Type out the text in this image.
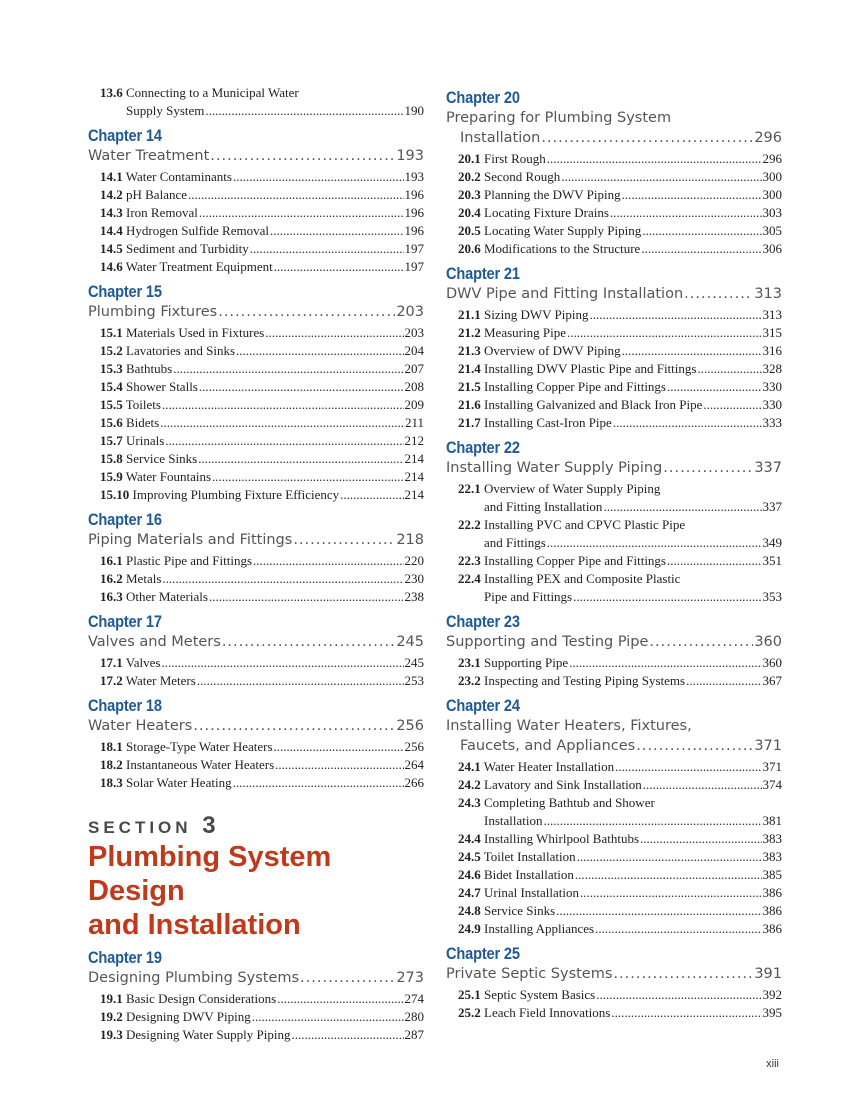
13.6 Connecting to a Municipal Water
Supply System .....	190
Chapter 14
Water Treatment .....	193
14.1 Water Contaminants .....	193
14.2 pH Balance .....	196
14.3 Iron Removal .....	196
14.4 Hydrogen Sulfide Removal .....	196
14.5 Sediment and Turbidity .....	197
14.6 Water Treatment Equipment .....	197
Chapter 15
Plumbing Fixtures .....	203
15.1 Materials Used in Fixtures .....	203
15.2 Lavatories and Sinks .....	204
15.3 Bathtubs .....	207
15.4 Shower Stalls .....	208
15.5 Toilets .....	209
15.6 Bidets .....	211
15.7 Urinals .....	212
15.8 Service Sinks .....	214
15.9 Water Fountains .....	214
15.10 Improving Plumbing Fixture Efficiency .....	214
Chapter 16
Piping Materials and Fittings .....	218
16.1 Plastic Pipe and Fittings .....	220
16.2 Metals .....	230
16.3 Other Materials .....	238
Chapter 17
Valves and Meters .....	245
17.1 Valves .....	245
17.2 Water Meters .....	253
Chapter 18
Water Heaters .....	256
18.1 Storage-Type Water Heaters .....	256
18.2 Instantaneous Water Heaters .....	264
18.3 Solar Water Heating .....	266
SECTION 3
Plumbing System Design
and Installation
Chapter 19
Designing Plumbing Systems .....	273
19.1 Basic Design Considerations .....	274
19.2 Designing DWV Piping .....	280
19.3 Designing Water Supply Piping .....	287
Chapter 20
Preparing for Plumbing System
Installation .....	296
20.1 First Rough .....	296
20.2 Second Rough .....	300
20.3 Planning the DWV Piping .....	300
20.4 Locating Fixture Drains .....	303
20.5 Locating Water Supply Piping .....	305
20.6 Modifications to the Structure .....	306
Chapter 21
DWV Pipe and Fitting Installation .....	313
21.1 Sizing DWV Piping .....	313
21.2 Measuring Pipe .....	315
21.3 Overview of DWV Piping .....	316
21.4 Installing DWV Plastic Pipe and Fittings .....	328
21.5 Installing Copper Pipe and Fittings .....	330
21.6 Installing Galvanized and Black Iron Pipe .....	330
21.7 Installing Cast-Iron Pipe .....	333
Chapter 22
Installing Water Supply Piping .....	337
22.1 Overview of Water Supply Piping
and Fitting Installation .....	337
22.2 Installing PVC and CPVC Plastic Pipe
and Fittings .....	349
22.3 Installing Copper Pipe and Fittings .....	351
22.4 Installing PEX and Composite Plastic
Pipe and Fittings .....	353
Chapter 23
Supporting and Testing Pipe .....	360
23.1 Supporting Pipe .....	360
23.2 Inspecting and Testing Piping Systems .....	367
Chapter 24
Installing Water Heaters, Fixtures,
Faucets, and Appliances .....	371
24.1 Water Heater Installation .....	371
24.2 Lavatory and Sink Installation .....	374
24.3 Completing Bathtub and Shower
Installation .....	381
24.4 Installing Whirlpool Bathtubs .....	383
24.5 Toilet Installation .....	383
24.6 Bidet Installation .....	385
24.7 Urinal Installation .....	386
24.8 Service Sinks .....	386
24.9 Installing Appliances .....	386
Chapter 25
Private Septic Systems .....	391
25.1 Septic System Basics .....	392
25.2 Leach Field Innovations .....	395
xiii
